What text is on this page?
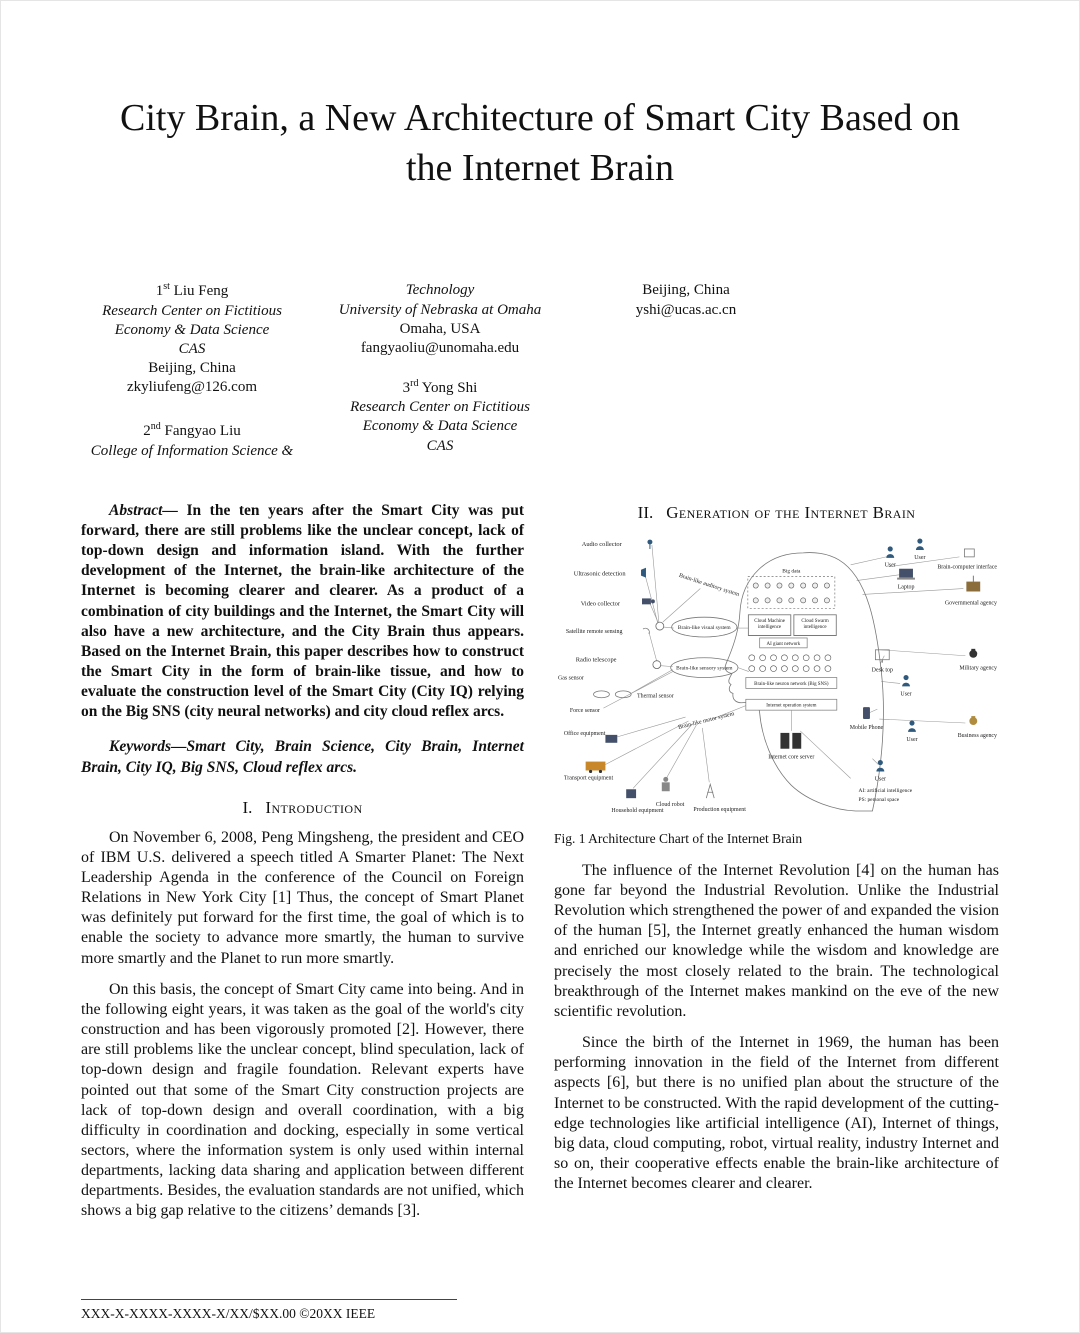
City Brain, a New Architecture of Smart City Based on the Internet Brain
1st Liu Feng
Research Center on Fictitious
Economy & Data Science
CAS
Beijing, China
zkyliufeng@126.com
2nd Fangyao Liu
College of Information Science &
Technology
University of Nebraska at Omaha
Omaha, USA
fangyaoliu@unomaha.edu
3rd Yong Shi
Research Center on Fictitious
Economy & Data Science
CAS
Beijing, China
yshi@ucas.ac.cn

Abstract— In the ten years after the Smart City was put forward, there are still problems like the unclear concept, lack of top-down design and information island. With the further development of the Internet, the brain-like architecture of the Internet is becoming clearer and clearer. As a product of a combination of city buildings and the Internet, the Smart City will also have a new architecture, and the City Brain thus appears. Based on the Internet Brain, this paper describes how to construct the Smart City in the form of brain-like tissue, and how to evaluate the construction level of the Smart City (City IQ) relying on the Big SNS (city neural networks) and city cloud reflex arcs.

Keywords—Smart City, Brain Science, City Brain, Internet Brain, City IQ, Big SNS, Cloud reflex arcs.

I. Introduction

On November 6, 2008, Peng Mingsheng, the president and CEO of IBM U.S. delivered a speech titled A Smarter Planet: The Next Leadership Agenda in the conference of the Council on Foreign Relations in New York City [1] Thus, the concept of Smart Planet was definitely put forward for the first time, the goal of which is to enable the society to advance more smartly, the human to survive more smartly and the Planet to run more smartly.

On this basis, the concept of Smart City came into being. And in the following eight years, it was taken as the goal of the world's city construction and has been vigorously promoted [2]. However, there are still problems like the unclear concept, blind speculation, lack of top-down design and fragile foundation. Relevant experts have pointed out that some of the Smart City construction projects are lack of top-down design and overall coordination, with a big difficulty in coordination and docking, especially in some vertical sectors, where the information system is only used within internal departments, lacking data sharing and application between different departments. Besides, the evaluation standards are not unified, which shows a big gap relative to the citizens’ demands [3].

II. Generation of the Internet Brain
Audio collector
Ultrasonic detection
Video collector
Satellite remote sensing
Radio telescope
Gas sensor
Thermal sensor
Force sensor
Office equipment
Transport equipment
Household equipment
Cloud robot
Production equipment
Brain-like auditory system
Brain-like visual system
Brain-like sensory system
Brain-like motor system
Big data
Cloud Machine intelligence
Cloud Swarm intelligence
AI giant network
Brain-like neuron network (Big SNS)
Internet operation system
Internet core server
User
User
Brain-computer interface
Laptop
Governmental agency
Desk top	Military agency
User
Mobile Phone
User
Business agency
User
AI: artificial intelligence
PS: personal space
Fig. 1 Architecture Chart of the Internet Brain

The influence of the Internet Revolution [4] on the human has gone far beyond the Industrial Revolution. Unlike the Industrial Revolution which strengthened the power of and expanded the vision of the human [5], the Internet greatly enhanced the human wisdom and enriched our knowledge while the wisdom and knowledge are precisely the most closely related to the brain. The technological breakthrough of the Internet makes mankind on the eve of the new scientific revolution.

Since the birth of the Internet in 1969, the human has been performing innovation in the field of the Internet from different aspects [6], but there is no unified plan about the structure of the Internet to be constructed. With the rapid development of the cutting-edge technologies like artificial intelligence (AI), Internet of things, big data, cloud computing, robot, virtual reality, industry Internet and so on, their cooperative effects enable the brain-like architecture of the Internet becomes clearer and clearer.

XXX-X-XXXX-XXXX-X/XX/$XX.00 ©20XX IEEE
